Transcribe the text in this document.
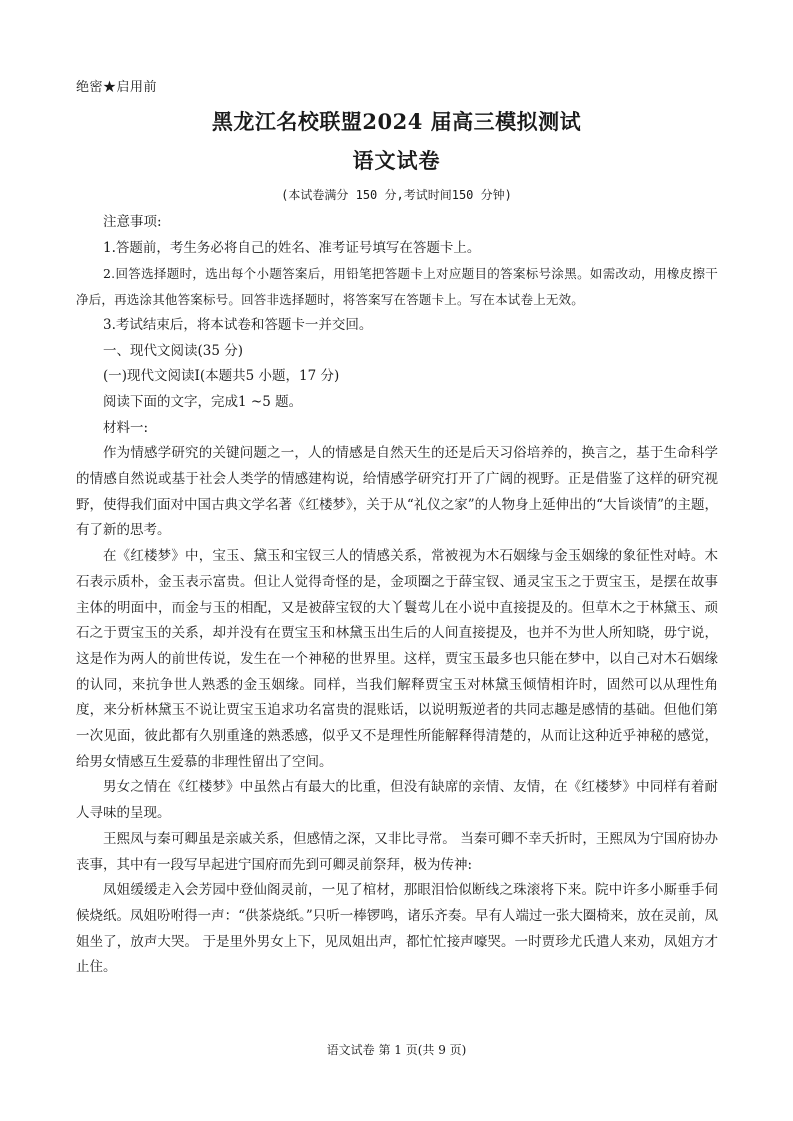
绝密★启用前
黑龙江名校联盟2024 届高三模拟测试
语文试卷
(本试卷满分 150 分,考试时间150 分钟)

注意事项:

1.答题前，考生务必将自己的姓名、准考证号填写在答题卡上。

2.回答选择题时，选出每个小题答案后，用铅笔把答题卡上对应题目的答案标号涂黑。如需改动，用橡皮擦干净后，再选涂其他答案标号。回答非选择题时，将答案写在答题卡上。写在本试卷上无效。

3.考试结束后，将本试卷和答题卡一并交回。

一、现代文阅读(35 分)

(一)现代文阅读Ⅰ(本题共5 小题，17 分)

阅读下面的文字，完成1 ~5 题。

材料一:

作为情感学研究的关键问题之一，人的情感是自然天生的还是后天习俗培养的，换言之，基于生命科学的情感自然说或基于社会人类学的情感建构说，给情感学研究打开了广阔的视野。正是借鉴了这样的研究视野，使得我们面对中国古典文学名著《红楼梦》，关于从“礼仪之家”的人物身上延伸出的“大旨谈情”的主题，有了新的思考。

在《红楼梦》中，宝玉、黛玉和宝钗三人的情感关系，常被视为木石姻缘与金玉姻缘的象征性对峙。木石表示质朴，金玉表示富贵。但让人觉得奇怪的是，金项圈之于薛宝钗、通灵宝玉之于贾宝玉，是摆在故事主体的明面中，而金与玉的相配，又是被薛宝钗的大丫鬟莺儿在小说中直接提及的。但草木之于林黛玉、顽石之于贾宝玉的关系，却并没有在贾宝玉和林黛玉出生后的人间直接提及，也并不为世人所知晓，毋宁说，这是作为两人的前世传说，发生在一个神秘的世界里。这样，贾宝玉最多也只能在梦中，以自己对木石姻缘的认同，来抗争世人熟悉的金玉姻缘。同样，当我们解释贾宝玉对林黛玉倾情相许时，固然可以从理性角度，来分析林黛玉不说让贾宝玉追求功名富贵的混账话，以说明叛逆者的共同志趣是感情的基础。但他们第一次见面，彼此都有久别重逢的熟悉感，似乎又不是理性所能解释得清楚的，从而让这种近乎神秘的感觉，给男女情感互生爱慕的非理性留出了空间。

男女之情在《红楼梦》中虽然占有最大的比重，但没有缺席的亲情、友情，在《红楼梦》中同样有着耐人寻味的呈现。

王熙凤与秦可卿虽是亲戚关系，但感情之深，又非比寻常。 当秦可卿不幸夭折时，王熙凤为宁国府协办丧事，其中有一段写早起进宁国府而先到可卿灵前祭拜，极为传神:

凤姐缓缓走入会芳园中登仙阁灵前，一见了棺材，那眼泪恰似断线之珠滚将下来。院中许多小厮垂手伺候烧纸。凤姐吩咐得一声：“供茶烧纸。”只听一棒锣鸣，诸乐齐奏。早有人端过一张大圈椅来，放在灵前，凤姐坐了，放声大哭。 于是里外男女上下，见凤姐出声，都忙忙接声嚎哭。一时贾珍尤氏遣人来劝，凤姐方才止住。

语文试卷 第 1 页(共 9 页)
